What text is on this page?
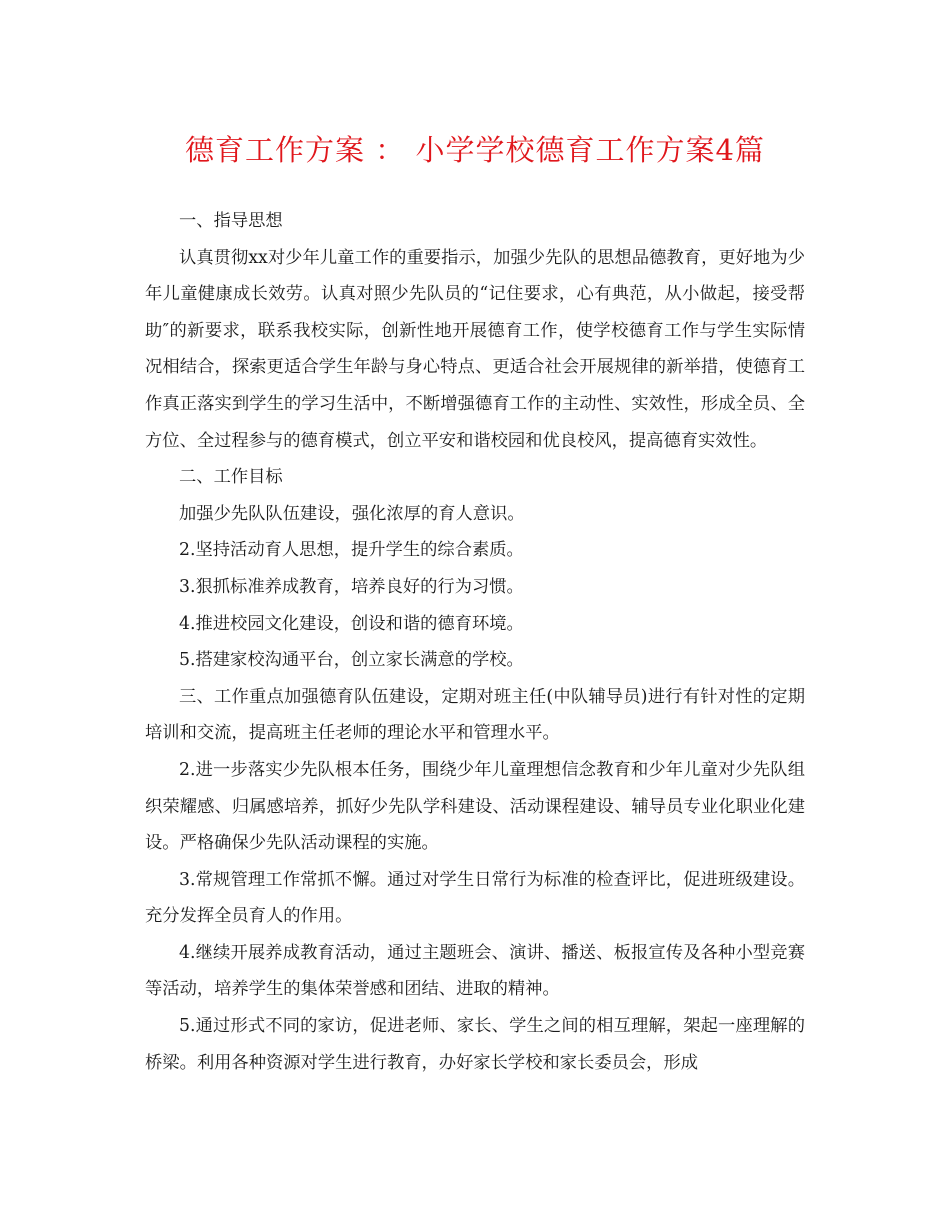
德育工作方案 ： 小学学校德育工作方案4篇

一、指导思想

认真贯彻xx对少年儿童工作的重要指示，加强少先队的思想品德教育，更好地为少年儿童健康成长效劳。认真对照少先队员的“记住要求，心有典范，从小做起，接受帮助″的新要求，联系我校实际，创新性地开展德育工作，使学校德育工作与学生实际情况相结合，探索更适合学生年龄与身心特点、更适合社会开展规律的新举措，使德育工作真正落实到学生的学习生活中，不断增强德育工作的主动性、实效性，形成全员、全方位、全过程参与的德育模式，创立平安和谐校园和优良校风，提高德育实效性。

二、工作目标

加强少先队队伍建设，强化浓厚的育人意识。

2.坚持活动育人思想，提升学生的综合素质。

3.狠抓标准养成教育，培养良好的行为习惯。

4.推进校园文化建设，创设和谐的德育环境。

5.搭建家校沟通平台，创立家长满意的学校。

三、工作重点加强德育队伍建设，定期对班主任(中队辅导员)进行有针对性的定期培训和交流，提高班主任老师的理论水平和管理水平。

2.进一步落实少先队根本任务，围绕少年儿童理想信念教育和少年儿童对少先队组织荣耀感、归属感培养，抓好少先队学科建设、活动课程建设、辅导员专业化职业化建设。严格确保少先队活动课程的实施。

3.常规管理工作常抓不懈。通过对学生日常行为标准的检查评比，促进班级建设。充分发挥全员育人的作用。

4.继续开展养成教育活动，通过主题班会、演讲、播送、板报宣传及各种小型竞赛等活动，培养学生的集体荣誉感和团结、进取的精神。

5.通过形式不同的家访，促进老师、家长、学生之间的相互理解，架起一座理解的桥梁。利用各种资源对学生进行教育，办好家长学校和家长委员会，形成
